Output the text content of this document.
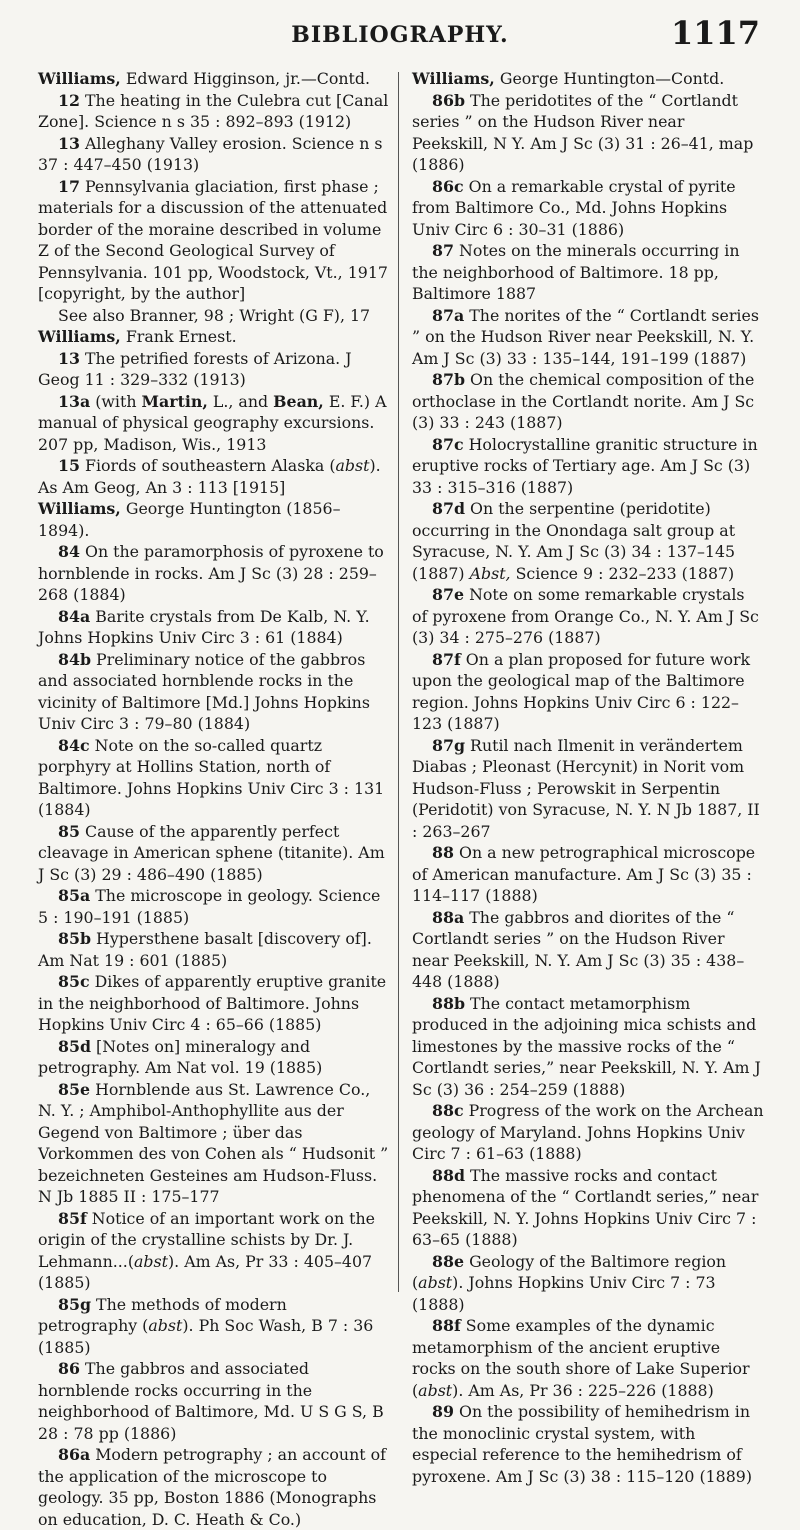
BIBLIOGRAPHY.	1117

Williams, Edward Higginson, jr.—Contd.

12 The heating in the Culebra cut [Canal Zone]. Science n s 35 : 892–893 (1912)

13 Alleghany Valley erosion. Science n s 37 : 447–450 (1913)

17 Pennsylvania glaciation, first phase ; materials for a discussion of the attenuated border of the moraine described in volume Z of the Second Geological Survey of Pennsylvania. 101 pp, Woodstock, Vt., 1917 [copyright, by the author]

See also Branner, 98 ; Wright (G F), 17

Williams, Frank Ernest.

13 The petrified forests of Arizona. J Geog 11 : 329–332 (1913)

13a (with Martin, L., and Bean, E. F.) A manual of physical geography excursions. 207 pp, Madison, Wis., 1913

15 Fiords of southeastern Alaska (abst). As Am Geog, An 3 : 113 [1915]

Williams, George Huntington (1856–1894).

84 On the paramorphosis of pyroxene to hornblende in rocks. Am J Sc (3) 28 : 259–268 (1884)

84a Barite crystals from De Kalb, N. Y. Johns Hopkins Univ Circ 3 : 61 (1884)

84b Preliminary notice of the gabbros and associated hornblende rocks in the vicinity of Baltimore [Md.] Johns Hopkins Univ Circ 3 : 79–80 (1884)

84c Note on the so-called quartz porphyry at Hollins Station, north of Baltimore. Johns Hopkins Univ Circ 3 : 131 (1884)

85 Cause of the apparently perfect cleavage in American sphene (titanite). Am J Sc (3) 29 : 486–490 (1885)

85a The microscope in geology. Science 5 : 190–191 (1885)

85b Hypersthene basalt [discovery of]. Am Nat 19 : 601 (1885)

85c Dikes of apparently eruptive granite in the neighborhood of Baltimore. Johns Hopkins Univ Circ 4 : 65–66 (1885)

85d [Notes on] mineralogy and petrography. Am Nat vol. 19 (1885)

85e Hornblende aus St. Lawrence Co., N. Y. ; Amphibol-Anthophyllite aus der Gegend von Baltimore ; über das Vorkommen des von Cohen als “ Hudsonit ” bezeichneten Gesteines am Hudson-Fluss. N Jb 1885 II : 175–177

85f Notice of an important work on the origin of the crystalline schists by Dr. J. Lehmann...(abst). Am As, Pr 33 : 405–407 (1885)

85g The methods of modern petrography (abst). Ph Soc Wash, B 7 : 36 (1885)

86 The gabbros and associated hornblende rocks occurring in the neighborhood of Baltimore, Md. U S G S, B 28 : 78 pp (1886)

86a Modern petrography ; an account of the application of the microscope to geology. 35 pp, Boston 1886 (Monographs on education, D. C. Heath & Co.)

Williams, George Huntington—Contd.

86b The peridotites of the “ Cortlandt series ” on the Hudson River near Peekskill, N Y. Am J Sc (3) 31 : 26–41, map (1886)

86c On a remarkable crystal of pyrite from Baltimore Co., Md. Johns Hopkins Univ Circ 6 : 30–31 (1886)

87 Notes on the minerals occurring in the neighborhood of Baltimore. 18 pp, Baltimore 1887

87a The norites of the “ Cortlandt series ” on the Hudson River near Peekskill, N. Y. Am J Sc (3) 33 : 135–144, 191–199 (1887)

87b On the chemical composition of the orthoclase in the Cortlandt norite. Am J Sc (3) 33 : 243 (1887)

87c Holocrystalline granitic structure in eruptive rocks of Tertiary age. Am J Sc (3) 33 : 315–316 (1887)

87d On the serpentine (peridotite) occurring in the Onondaga salt group at Syracuse, N. Y. Am J Sc (3) 34 : 137–145 (1887) Abst, Science 9 : 232–233 (1887)

87e Note on some remarkable crystals of pyroxene from Orange Co., N. Y. Am J Sc (3) 34 : 275–276 (1887)

87f On a plan proposed for future work upon the geological map of the Baltimore region. Johns Hopkins Univ Circ 6 : 122–123 (1887)

87g Rutil nach Ilmenit in verändertem Diabas ; Pleonast (Hercynit) in Norit vom Hudson-Fluss ; Perowskit in Serpentin (Peridotit) von Syracuse, N. Y. N Jb 1887, II : 263–267

88 On a new petrographical microscope of American manufacture. Am J Sc (3) 35 : 114–117 (1888)

88a The gabbros and diorites of the “ Cortlandt series ” on the Hudson River near Peekskill, N. Y. Am J Sc (3) 35 : 438–448 (1888)

88b The contact metamorphism produced in the adjoining mica schists and limestones by the massive rocks of the “ Cortlandt series,” near Peekskill, N. Y. Am J Sc (3) 36 : 254–259 (1888)

88c Progress of the work on the Archean geology of Maryland. Johns Hopkins Univ Circ 7 : 61–63 (1888)

88d The massive rocks and contact phenomena of the “ Cortlandt series,” near Peekskill, N. Y. Johns Hopkins Univ Circ 7 : 63–65 (1888)

88e Geology of the Baltimore region (abst). Johns Hopkins Univ Circ 7 : 73 (1888)

88f Some examples of the dynamic metamorphism of the ancient eruptive rocks on the south shore of Lake Superior (abst). Am As, Pr 36 : 225–226 (1888)

89 On the possibility of hemihedrism in the monoclinic crystal system, with especial reference to the hemihedrism of pyroxene. Am J Sc (3) 38 : 115–120 (1889)
